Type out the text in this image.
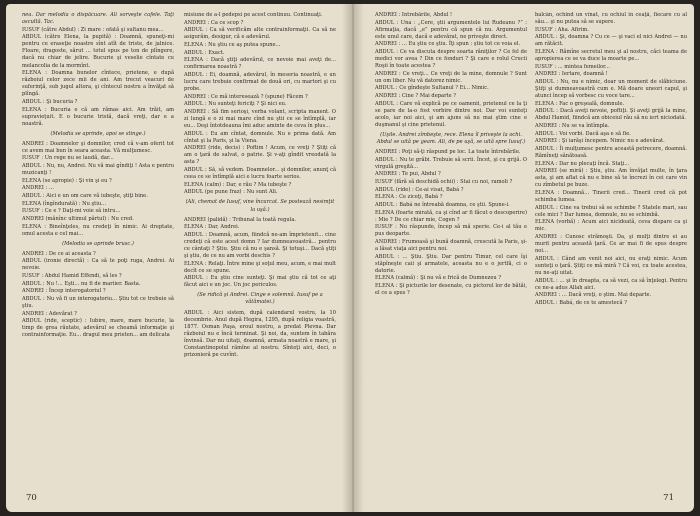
nea. Dar melodia o dispăcuare. Ali sorveşte cafele. Taţi ascultă. Tac.

IUSUF (către Abdul) : Zi mare : ofată şi sultanu mea...

ABDUL (către Elena, la pupită) : Doamnă, spuneţi-mi pentru ce eraseţie noastre sînt atît de triste, de jalnice. Floare, dragoste, sărut ... totul spus pe ton de plîngere, dacă nu chiar de jelire. Bucurie şi veselie cîntate cu melancolia de la mormînt.

ELENA : Doamna bunelor cîntece, prietene, e după războiul celor zece mii de ani. Am trecut veacuri de suferinţă, sub jugul altora, şi cîntecul nostru a învăţat să plîngă.

ABDUL : Şi bucuria ?

ELENA : Bucuria e că am rămas aici. Am trăit, am supravieţuit. E o bucurie tristă, dacă vreţi, dar e a noastră.

(Melodia se aprinde, apoi se stinge.)

ANDREI : Doamnelor şi domnilor, cred că v-am oferit tot ce avem mai bun în seara aceasta. Vă mulţumesc.

IUSUF : Un rege nu se laudă, dar...

ABDUL : Nu, nu, Andrei. Nu vă mai gîndiţi ! Asta e pentru muzicanţi !

ELENA (se apropie) : Şi vin şi eu ?

ANDREI : ...

ABDUL : Aici e un om care vă iubeşte, ştiţi bine.

ELENA (îngîndurată) : Nu ştiu...

IUSUF : Ce e ? Daţi-mi voie să intru...

ANDREI (mănînc ultimul pârtul) : Nu cred.

ELENA : Bineînţeles, nu credeţi în nimic. Ai dreptate, omul acesta e cel mai...

(Melodia se aprinde brusc.)

ANDREI : De ce ai aceasta ?

ABDUL (ironie directă) : Ca să te poţi ruga, Andrei. Ai nevoie.

IUSUF : Abdul Hamid Effendi, să les ?

ABDUL : Nu !... Eşti... nu fi de mariier. Basta.

ANDREI : Încep interogatoriul ?

ABDUL : Nu vă fi un interogatoriu... Ştiu tot ce trebuie să ştiu.

ANDREI : Adevărat ?

ABDUL (ride, sceptic) : Iubire, mare, mare bucurie, la timp de grea răutate, adevărul se cheamă informaţie şi contrainformaţie. Eu... dragul meu prieten... am delicata

misiune de a-l pedepsi pe acest continuu. Continuaţi.

ANDREI : Ca ce scop ?

ABDUL : Ca să verificăm alte contrainformaţii. Ca să ne asigurăm, desigur, că e adevărul.

ELENA : Nu ştiu ce aş putea spune...

ABDUL : Exact.

ELENA : Dacă ştiţi adevărul, ce nevoie mai aveţi de... confirmarea noastră ?

ABDUL : Ei, doamnă, adevărul, în meseria noastră, e un lucru care trebuie confirmat de două ori, cu martori şi cu probe.

ANDREI : Ce mă interesează ? (spune) Făcem ?

ABDUL : Nu sunteţi fericiţi ? Şi nici eu.

ANDREI : Să fim serioşi, verba volant, scripta manent. O zi lungă e o zi mai mare cînd nu ştii ce se întîmplă, iar eu... Deşi întotdeauna îmi aduc aminte de ceva în plus...

ABDUL : Eu am cîntat, domnule. Nu e prima dată. Am cîntat şi la Paris, şi la Viena.

ANDREI (ride, decis) : Poftim ! Acum, ce vreţi ? Ştiţi că am o ţară de salvat, o patrie. Şi v-aţi gîndit vreodată la asta ?

ABDUL : Să, să vedem. Doamnelor... şi domnilor, anunţ că ceea ce se întîmplă aici e lucru foarte serios.

ELENA (calm) : Dar, e rău ? Ma iubeşte ?

ABDUL (pe pune fraz) : Nu sunt Ali.

(Ali, chemat de Iusuf, vine încurcat. Se postează nesimţit la uşă.)

ANDREI (palidă) : Tribunal la toată regula.

ELENA : Dar, Andrei.

ABDUL : Doamnă, acum, fiindcă ne-am împrietenit... cine credeţi că este acest domn ? Iar dumneavoastră... pentru ce cântaţi ? Ştiu. Ştiu că nu e şansă. Şi totuşi... Dacă ştiţi şi ştiu, de ce nu am vorbi deschis ?

ELENA : Relaţi. Între mine şi soţul meu, acum, e mai mult decît ce se spune.

ABDUL : Eu ştiu cine sunteţi. Şi mai ştiu că tot ce aţi făcut aici e un joc. Un joc periculos.

(Se ridică şi Andrei. Cinge e solemnă. Iusuf pe a vătămatei.)

ABDUL : Aici sistem, după calendarul vostru, la 10 decembrie. Anul după Hegira, 1295, după religia voastră, 1877. Osman Paşa, eroul nostru, a predat Plevna. Dar războiul nu e încă terminat. Şi noi, da, suntem în tabăra învinsă. Dar nu uitaţi, doamnă, armata noastră e mare, şi Constantinopolul rămîne al nostru. Sînteţi aici, deci, o prizonieră pe cuvînt.

70

ANDREI : Întrebările, Abdul !

ABDUL : Una : „Cere, ştii argumentele lui Rudeanu ?” : Afirmaţia, dacă „e” pentru că spun că nu. Argumentul este unul care, dacă e adevărat, ne priveşte direct.

ANDREI : ... Eu ştiu ce ştiu. Îţi spun : ştiu tot ce voia el.

ABDUL : Ce va discuta despre soarta răniţilor ? Ce fel de medici vor avea ? Din ce fonduri ? Şi care e rolul Crucii Roşii în toate acestea ?

ANDREI : Ce vreţi... Ce vreţi de la mine, domnule ? Sunt un om liber. Nu vă datorez nimic.

ABDUL : Ce gîndeşte Sultanul ? Ei... Nimic.

ANDREI : Cine ? Mai departe ?

ABDUL : Care vă explică pe ce oamenii, prietenul ce la ţi se pare de la-o fost vorbire dintre noi. Dar voi sunteţi acolo, iar noi aici, şi am ajuns să nu mai ştim cine e duşmanul şi cine prietenul.

(Uşile. Andrei zîmbeşte, rece. Elena îl priveşte la ochi. Abdul se uită pe geam. Ali, de pe uşă, se uită spre Iusuf.)

ANDREI : Poţi să-ţi răspund pe loc. La toate întrebările.

ABDUL : Nu te grăbi. Trebuie să scrii. Încet, şi cu grijă. O virgulă greşită...

ANDREI : Te pui, Abdul ?

IUSUF (fără să deschidă ochii) : Stai cu noi, ramoli ?

ABDUL (ride) : Ce-ai visat, Babá ?

ELENA : Ce ziceţi, Babá ?

ABDUL : Babá ne întreabă doamna, ce ştii. Spune-i.

ELENA (foarte mirată, ca şi cînd ar fi făcut o descoperire) : Mie ? De ce chiar mie, Cogen ?

IUSUF : Nu răspunde, încep să mă sperie. Ce-i al tău e pus deoparte.

ANDREI : Frumoasă şi bună doamnă, crescută la Paris, şi-a lăsat viaţa aici pentru noi.

ABDUL : ... Ştiu. Ştiu. Dar pentru Timur, cel care îşi stăpîneşte caii şi armatele, aceasta nu e o jertfă, ci o datorie.

ELENA (calmă) : Şi nu vă e frică de Dumnezeu ?

ELENA : Şi picturile lor desenate, cu pictorul lor de bătăi, el ce a spus ?

balcân, ochind un vînat, cu ochiul în ceaţă, fiecare cu al său... şi nu putea să se supere.

IUSUF : Aha. Afirim.

ABDUL : Şi, doamna ? Cu ce — şi vaci el nici Andrei — nu am rătăcit.

ELENA : Rămîne secretul meu şi al nostru, căci teama de apropierea ce se va duce la moarte pe...

IUSUF : ... mintea femeilor...

ANDREI : Iertare, doamnă !

ABDUL : Nu, nu e nimic, doar un moment de slăbiciune. Ştiţi şi dumneavoastră cum e. Mă doare uneori capul, şi atunci încep să vorbesc cu voce tare...

ELENA : Fac o greşeală, domnule.

ABDUL : Dacă aveţi nevoie, poftiţi. Şi aveţi grijă la mine, Abdul Hamid, fiindcă am obiceiul rău să nu iert niciodată.

ANDREI : Nu se va întîmpla.

ABDUL : Voi vorbi. Dacă aşa e să fie.

ANDREI : Şi iarăşi începem. Nimic nu e adevărat.

ABDUL : Îi mulţumesc pentru această petrecere, doamnă. Rămîneţi sănătoasă.

ELENA : Dar nu plecaţi încă. Staţi...

ANDREI (se miră) : Ştiu, ştiu. Am învăţat multe, în ţara asta, şi am aflat că nu e bine să te încrezi în cei care vin cu zîmbetul pe buze.

ELENA : Doamnă... Tinerii cred... Tinerii cred că pot schimba lumea.

ABDUL : Cine va trebui să se schimbe ? Statele mari, sau cele mici ? Dar lumea, domnule, nu se schimbă.

ELENA (vorbă) : Acum aici nicidoată, ceva dispare ca şi mic.

ANDREI : Cunosc strămoşii. Da, şi mulţi dintre ei au murit pentru această ţară. Ce ar mai fi de spus despre noi...

ABDUL : Când am venit noi aici, nu eraţi nimic. Acum sunteţi o ţară. Ştiţi ce mă miră ? Că voi, cu toate acestea, nu ne-aţi uitat.

ABDUL : ... şi în dreapta, ca să vezi, ca să înţelegi. Pentru ce ne-a adus Allah aici.

ANDREI : ... Dacă vreţi, o ştim. Mai departe.

ABDUL : Babá, de ce te amestecă ?

71
